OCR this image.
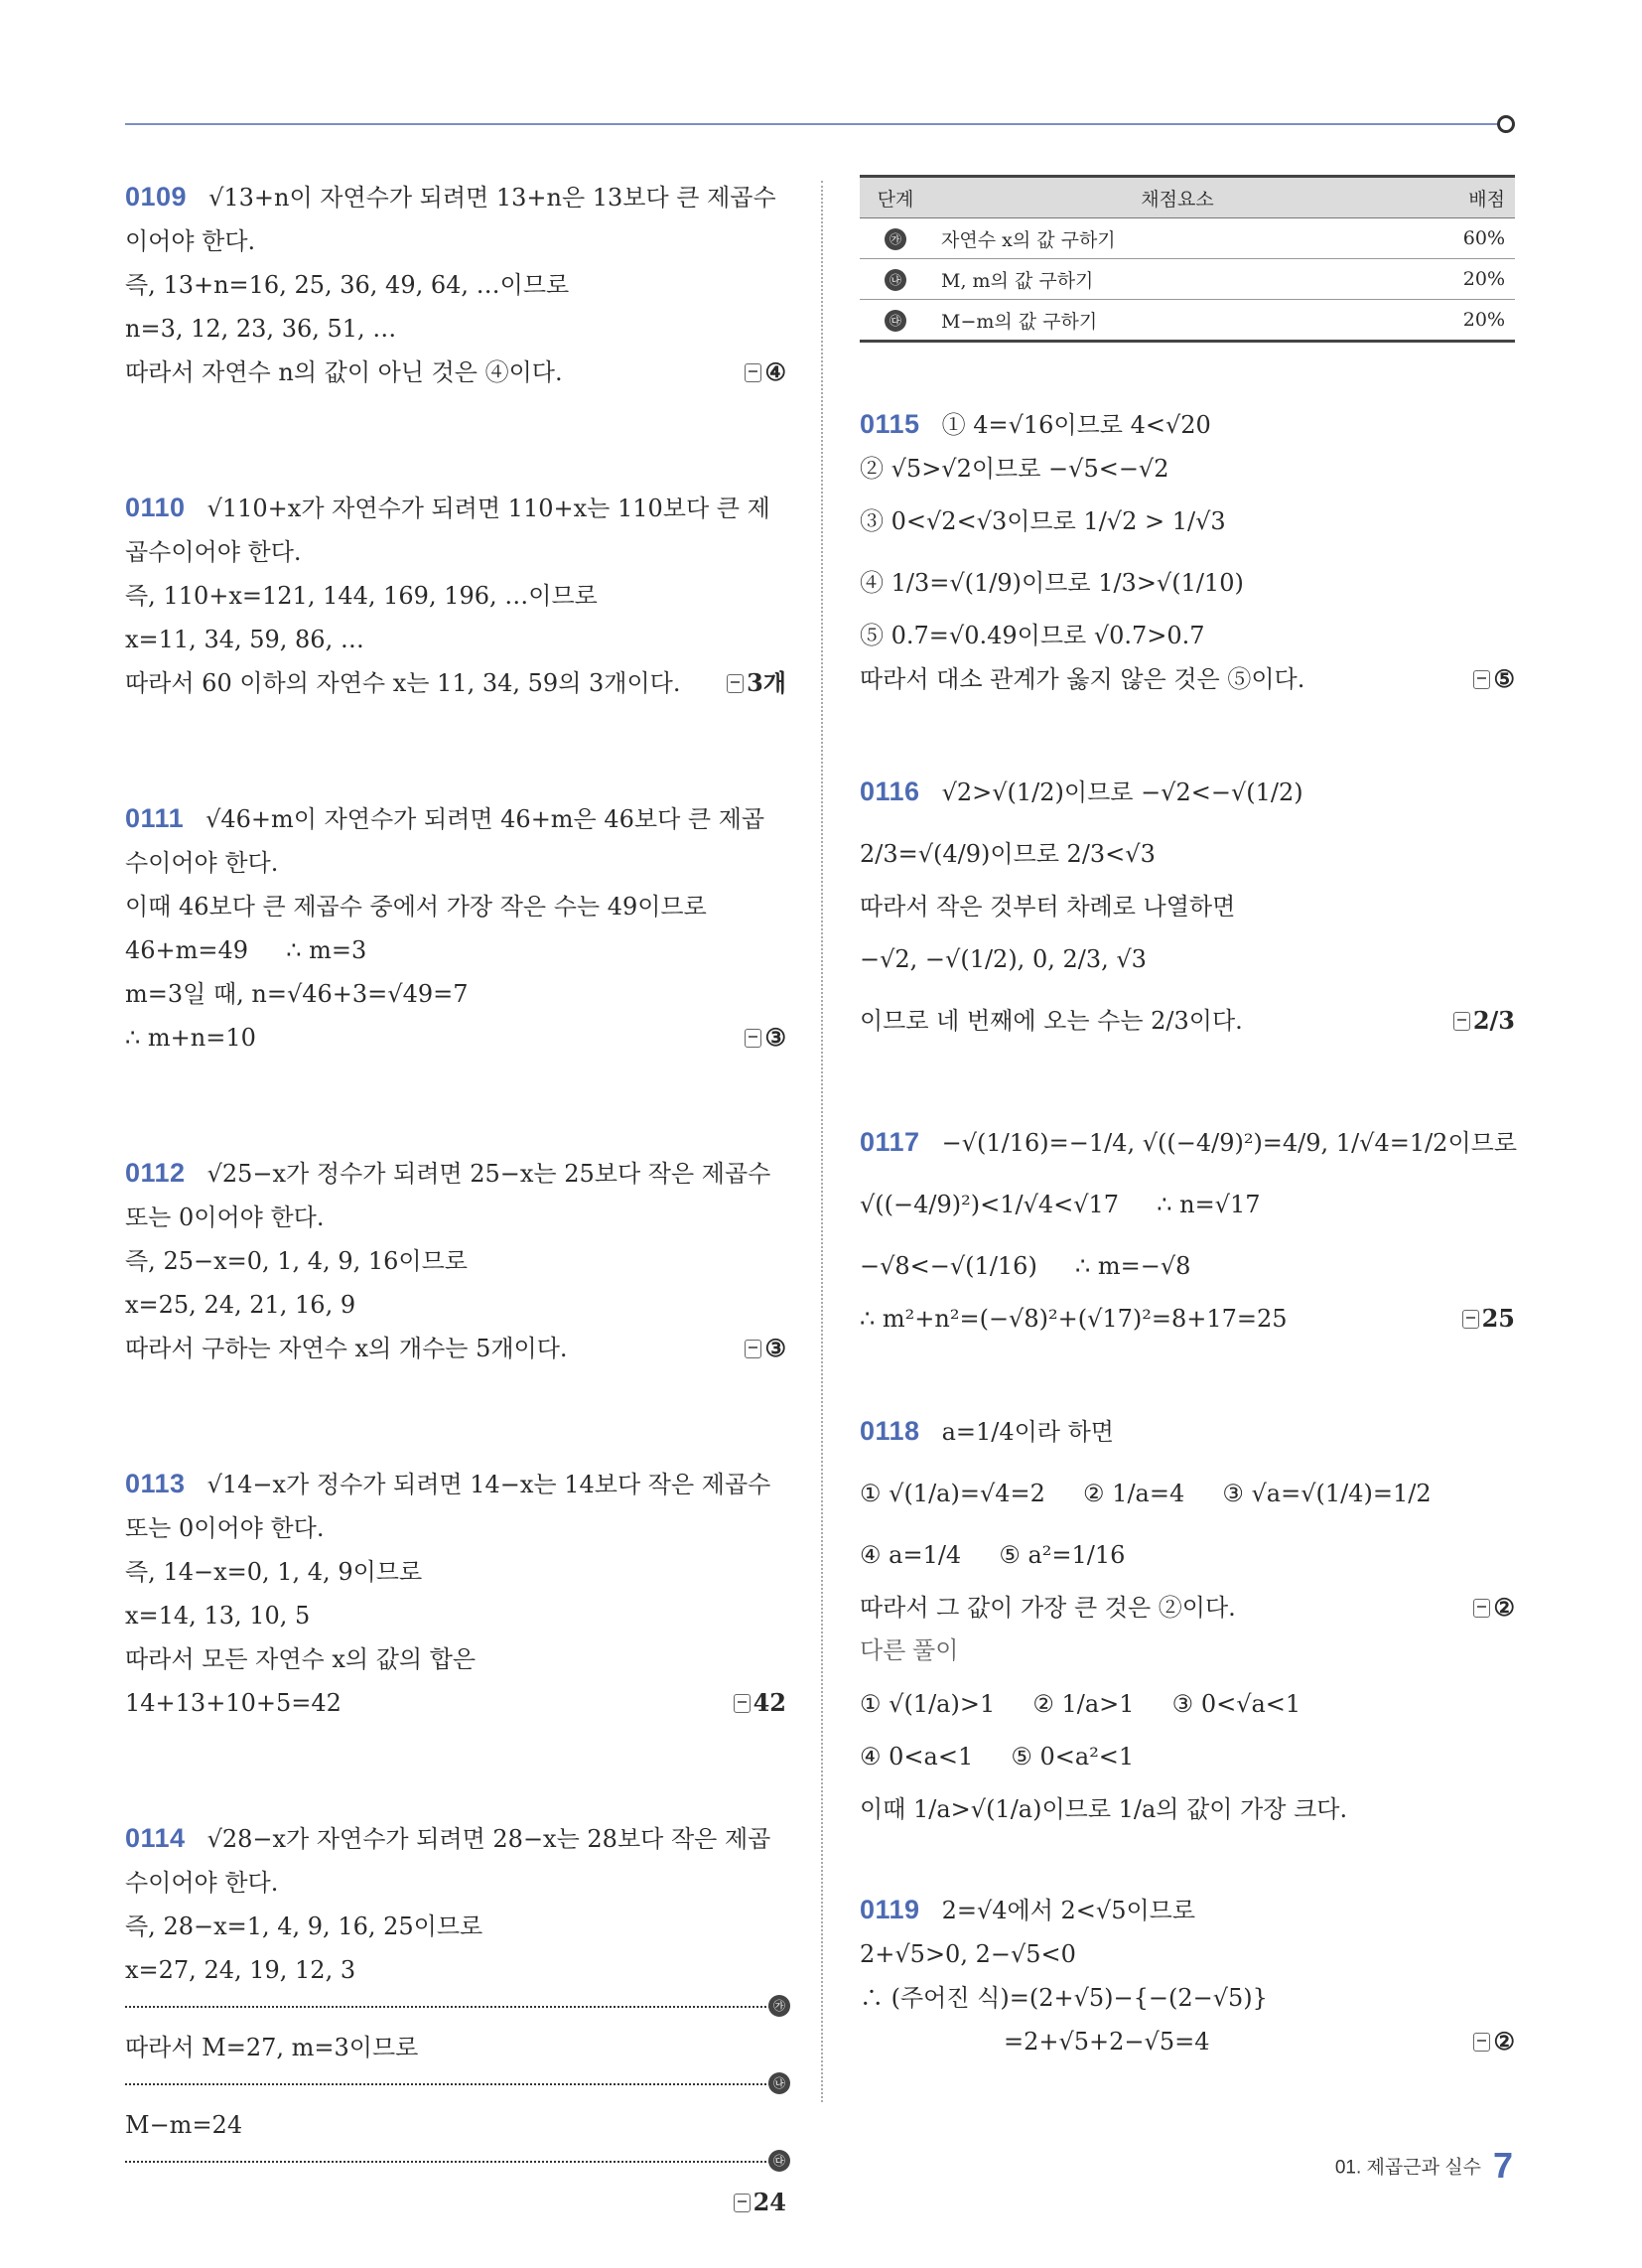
0109 √13+n이 자연수가 되려면 13+n은 13보다 큰 제곱수
이어야 한다.
즉, 13+n=16, 25, 36, 49, 64, …이므로
n=3, 12, 23, 36, 51, …
따라서 자연수 n의 값이 아닌 것은 ④이다.	④
0110 √110+x가 자연수가 되려면 110+x는 110보다 큰 제
곱수이어야 한다.
즉, 110+x=121, 144, 169, 196, …이므로
x=11, 34, 59, 86, …
따라서 60 이하의 자연수 x는 11, 34, 59의 3개이다.	3개
0111 √46+m이 자연수가 되려면 46+m은 46보다 큰 제곱
수이어야 한다.
이때 46보다 큰 제곱수 중에서 가장 작은 수는 49이므로
46+m=49     ∴ m=3
m=3일 때, n=√46+3=√49=7
∴ m+n=10	③
0112 √25−x가 정수가 되려면 25−x는 25보다 작은 제곱수
또는 0이어야 한다.
즉, 25−x=0, 1, 4, 9, 16이므로
x=25, 24, 21, 16, 9
따라서 구하는 자연수 x의 개수는 5개이다.	③
0113 √14−x가 정수가 되려면 14−x는 14보다 작은 제곱수
또는 0이어야 한다.
즉, 14−x=0, 1, 4, 9이므로
x=14, 13, 10, 5
따라서 모든 자연수 x의 값의 합은
14+13+10+5=42	42
0114 √28−x가 자연수가 되려면 28−x는 28보다 작은 제곱
수이어야 한다.
즉, 28−x=1, 4, 9, 16, 25이므로
x=27, 24, 19, 12, 3
㉮
따라서 M=27, m=3이므로
㉯
M−m=24
㉰
24
단계	채점요소	배점
㉮	자연수 x의 값 구하기	60%
㉯	M, m의 값 구하기	20%
㉰	M−m의 값 구하기	20%
0115 ① 4=√16이므로 4<√20
② √5>√2이므로 −√5<−√2
③ 0<√2<√3이므로 1/√2 > 1/√3
④ 1/3=√(1/9)이므로 1/3>√(1/10)
⑤ 0.7=√0.49이므로 √0.7>0.7
따라서 대소 관계가 옳지 않은 것은 ⑤이다.	⑤
0116 √2>√(1/2)이므로 −√2<−√(1/2)
2/3=√(4/9)이므로 2/3<√3
따라서 작은 것부터 차례로 나열하면
−√2, −√(1/2), 0, 2/3, √3
이므로 네 번째에 오는 수는 2/3이다.	2/3
0117 −√(1/16)=−1/4, √((−4/9)²)=4/9, 1/√4=1/2이므로
√((−4/9)²)<1/√4<√17     ∴ n=√17
−√8<−√(1/16)     ∴ m=−√8
∴ m²+n²=(−√8)²+(√17)²=8+17=25	25
0118 a=1/4이라 하면
① √(1/a)=√4=2     ② 1/a=4     ③ √a=√(1/4)=1/2
④ a=1/4     ⑤ a²=1/16
따라서 그 값이 가장 큰 것은 ②이다.	②
다른 풀이
① √(1/a)>1     ② 1/a>1     ③ 0<√a<1
④ 0<a<1     ⑤ 0<a²<1
이때 1/a>√(1/a)이므로 1/a의 값이 가장 크다.
0119 2=√4에서 2<√5이므로
2+√5>0, 2−√5<0
∴ (주어진 식)=(2+√5)−{−(2−√5)}
=2+√5+2−√5=4	②
01. 제곱근과 실수 7
